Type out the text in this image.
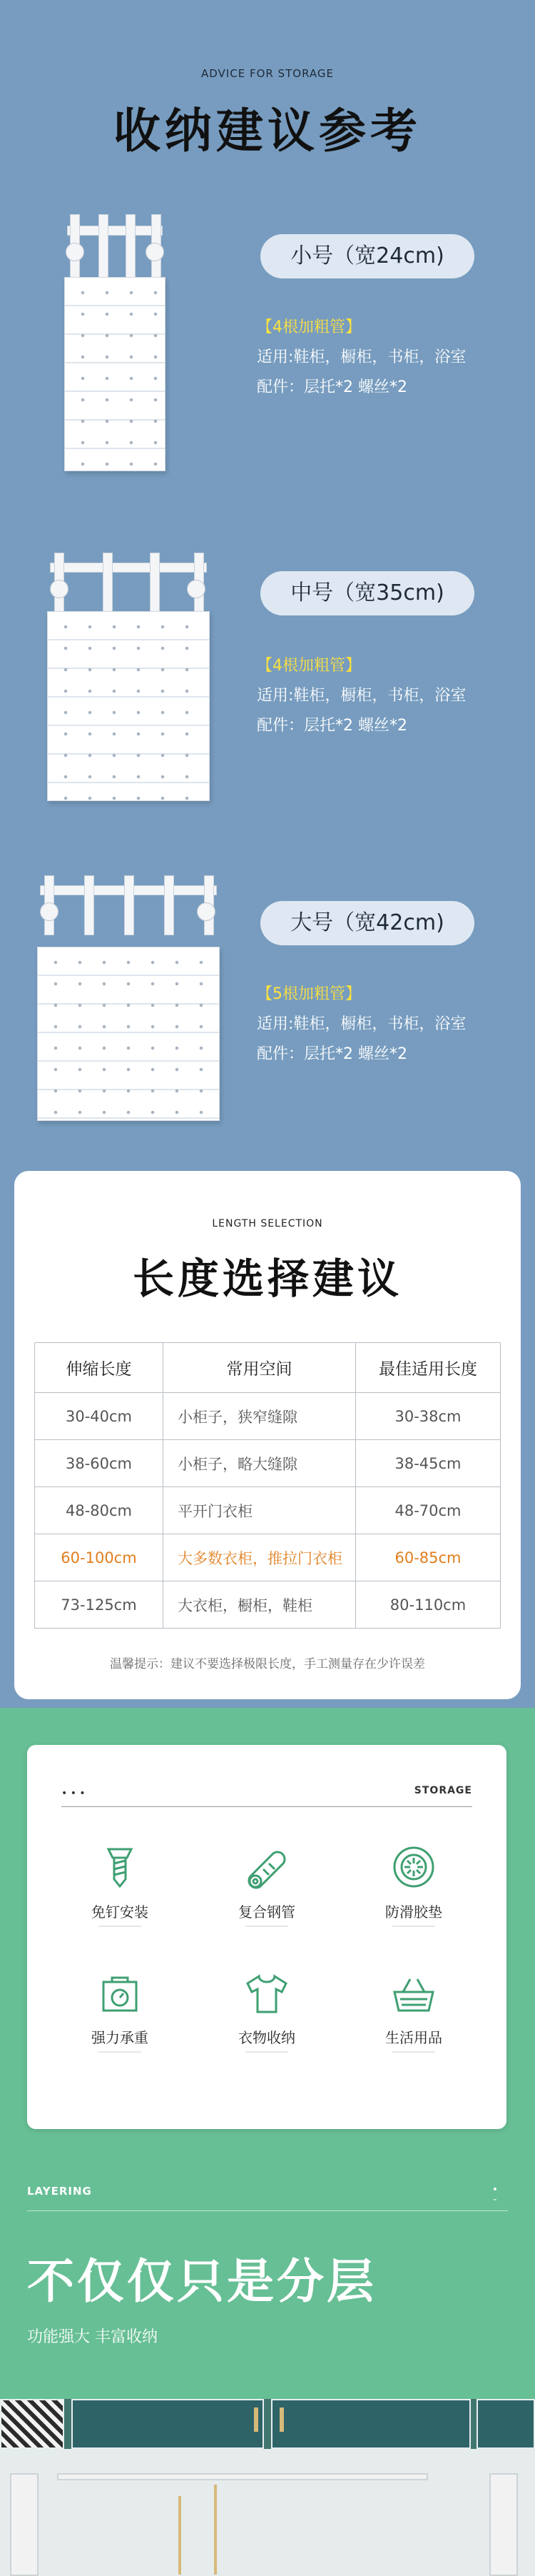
ADVICE FOR STORAGE
收纳建议参考
小号（宽24cm)
【4根加粗管】
适用:鞋柜，橱柜，书柜，浴室
配件：层托*2 螺丝*2
中号（宽35cm)
【4根加粗管】
适用:鞋柜，橱柜，书柜，浴室
配件：层托*2 螺丝*2
大号（宽42cm)
【5根加粗管】
适用:鞋柜，橱柜，书柜，浴室
配件：层托*2 螺丝*2
LENGTH SELECTION
长度选择建议
伸缩长度	常用空间	最佳适用长度
30-40cm	小柜子，狭窄缝隙	30-38cm
38-60cm	小柜子，略大缝隙	38-45cm
48-80cm	平开门衣柜	48-70cm
60-100cm	大多数衣柜，推拉门衣柜	60-85cm
73-125cm	大衣柜，橱柜，鞋柜	80-110cm
温馨提示：建议不要选择极限长度，手工测量存在少许误差
• • •	STORAGE
免钉安装	复合钢管	防滑胶垫
强力承重	衣物收纳	生活用品
LAYERING	•
-
不仅仅只是分层
功能强大 丰富收纳
